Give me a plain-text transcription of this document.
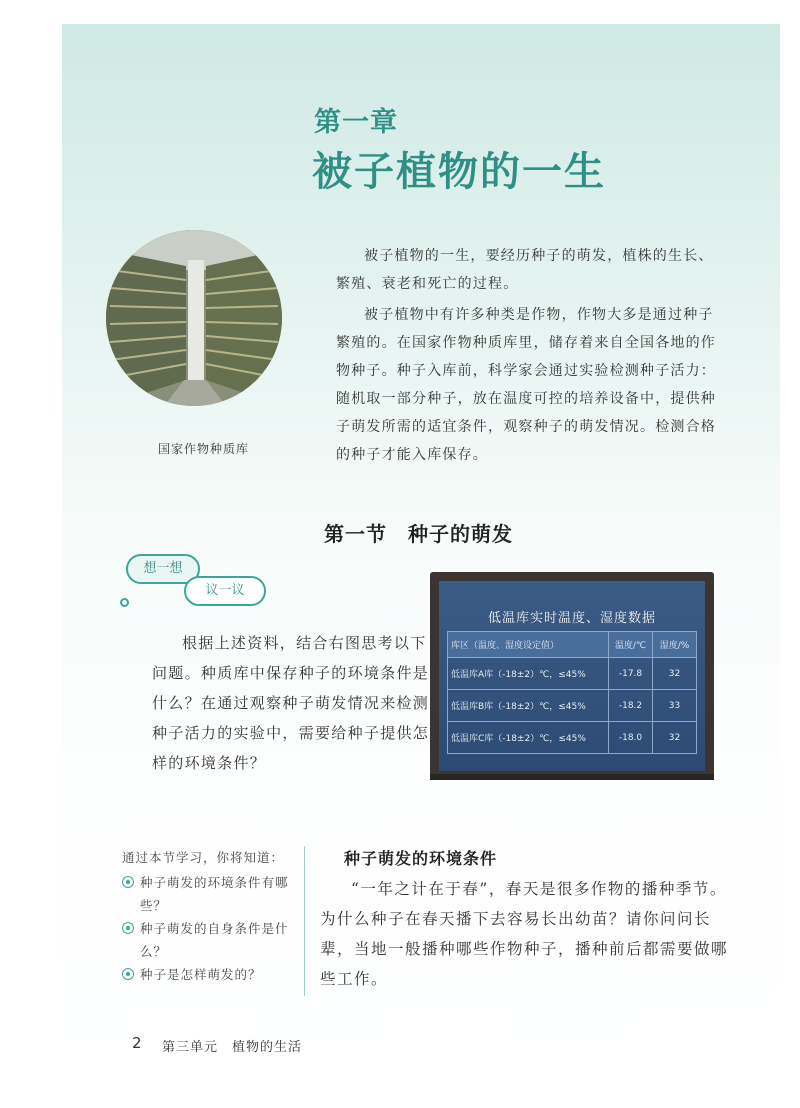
第一章
被子植物的一生
国家作物种质库

被子植物的一生，要经历种子的萌发，植株的生长、繁殖、衰老和死亡的过程。

被子植物中有许多种类是作物，作物大多是通过种子繁殖的。在国家作物种质库里，储存着来自全国各地的作物种子。种子入库前，科学家会通过实验检测种子活力：随机取一部分种子，放在温度可控的培养设备中，提供种子萌发所需的适宜条件，观察种子的萌发情况。检测合格的种子才能入库保存。

第一节　种子的萌发
想一想
议一议

根据上述资料，结合右图思考以下问题。种质库中保存种子的环境条件是什么？在通过观察种子萌发情况来检测种子活力的实验中，需要给种子提供怎样的环境条件？

低温库实时温度、湿度数据
库区（温度、湿度设定值）	温度/℃	湿度/%
低温库A库（-18±2）℃，≤45%	-17.8	32
低温库B库（-18±2）℃，≤45%	-18.2	33
低温库C库（-18±2）℃，≤45%	-18.0	32
通过本节学习，你将知道：
种子萌发的环境条件有哪些？
种子萌发的自身条件是什么？
种子是怎样萌发的？
种子萌发的环境条件

“一年之计在于春”，春天是很多作物的播种季节。为什么种子在春天播下去容易长出幼苗？请你问问长辈，当地一般播种哪些作物种子，播种前后都需要做哪些工作。

2 第三单元　植物的生活
